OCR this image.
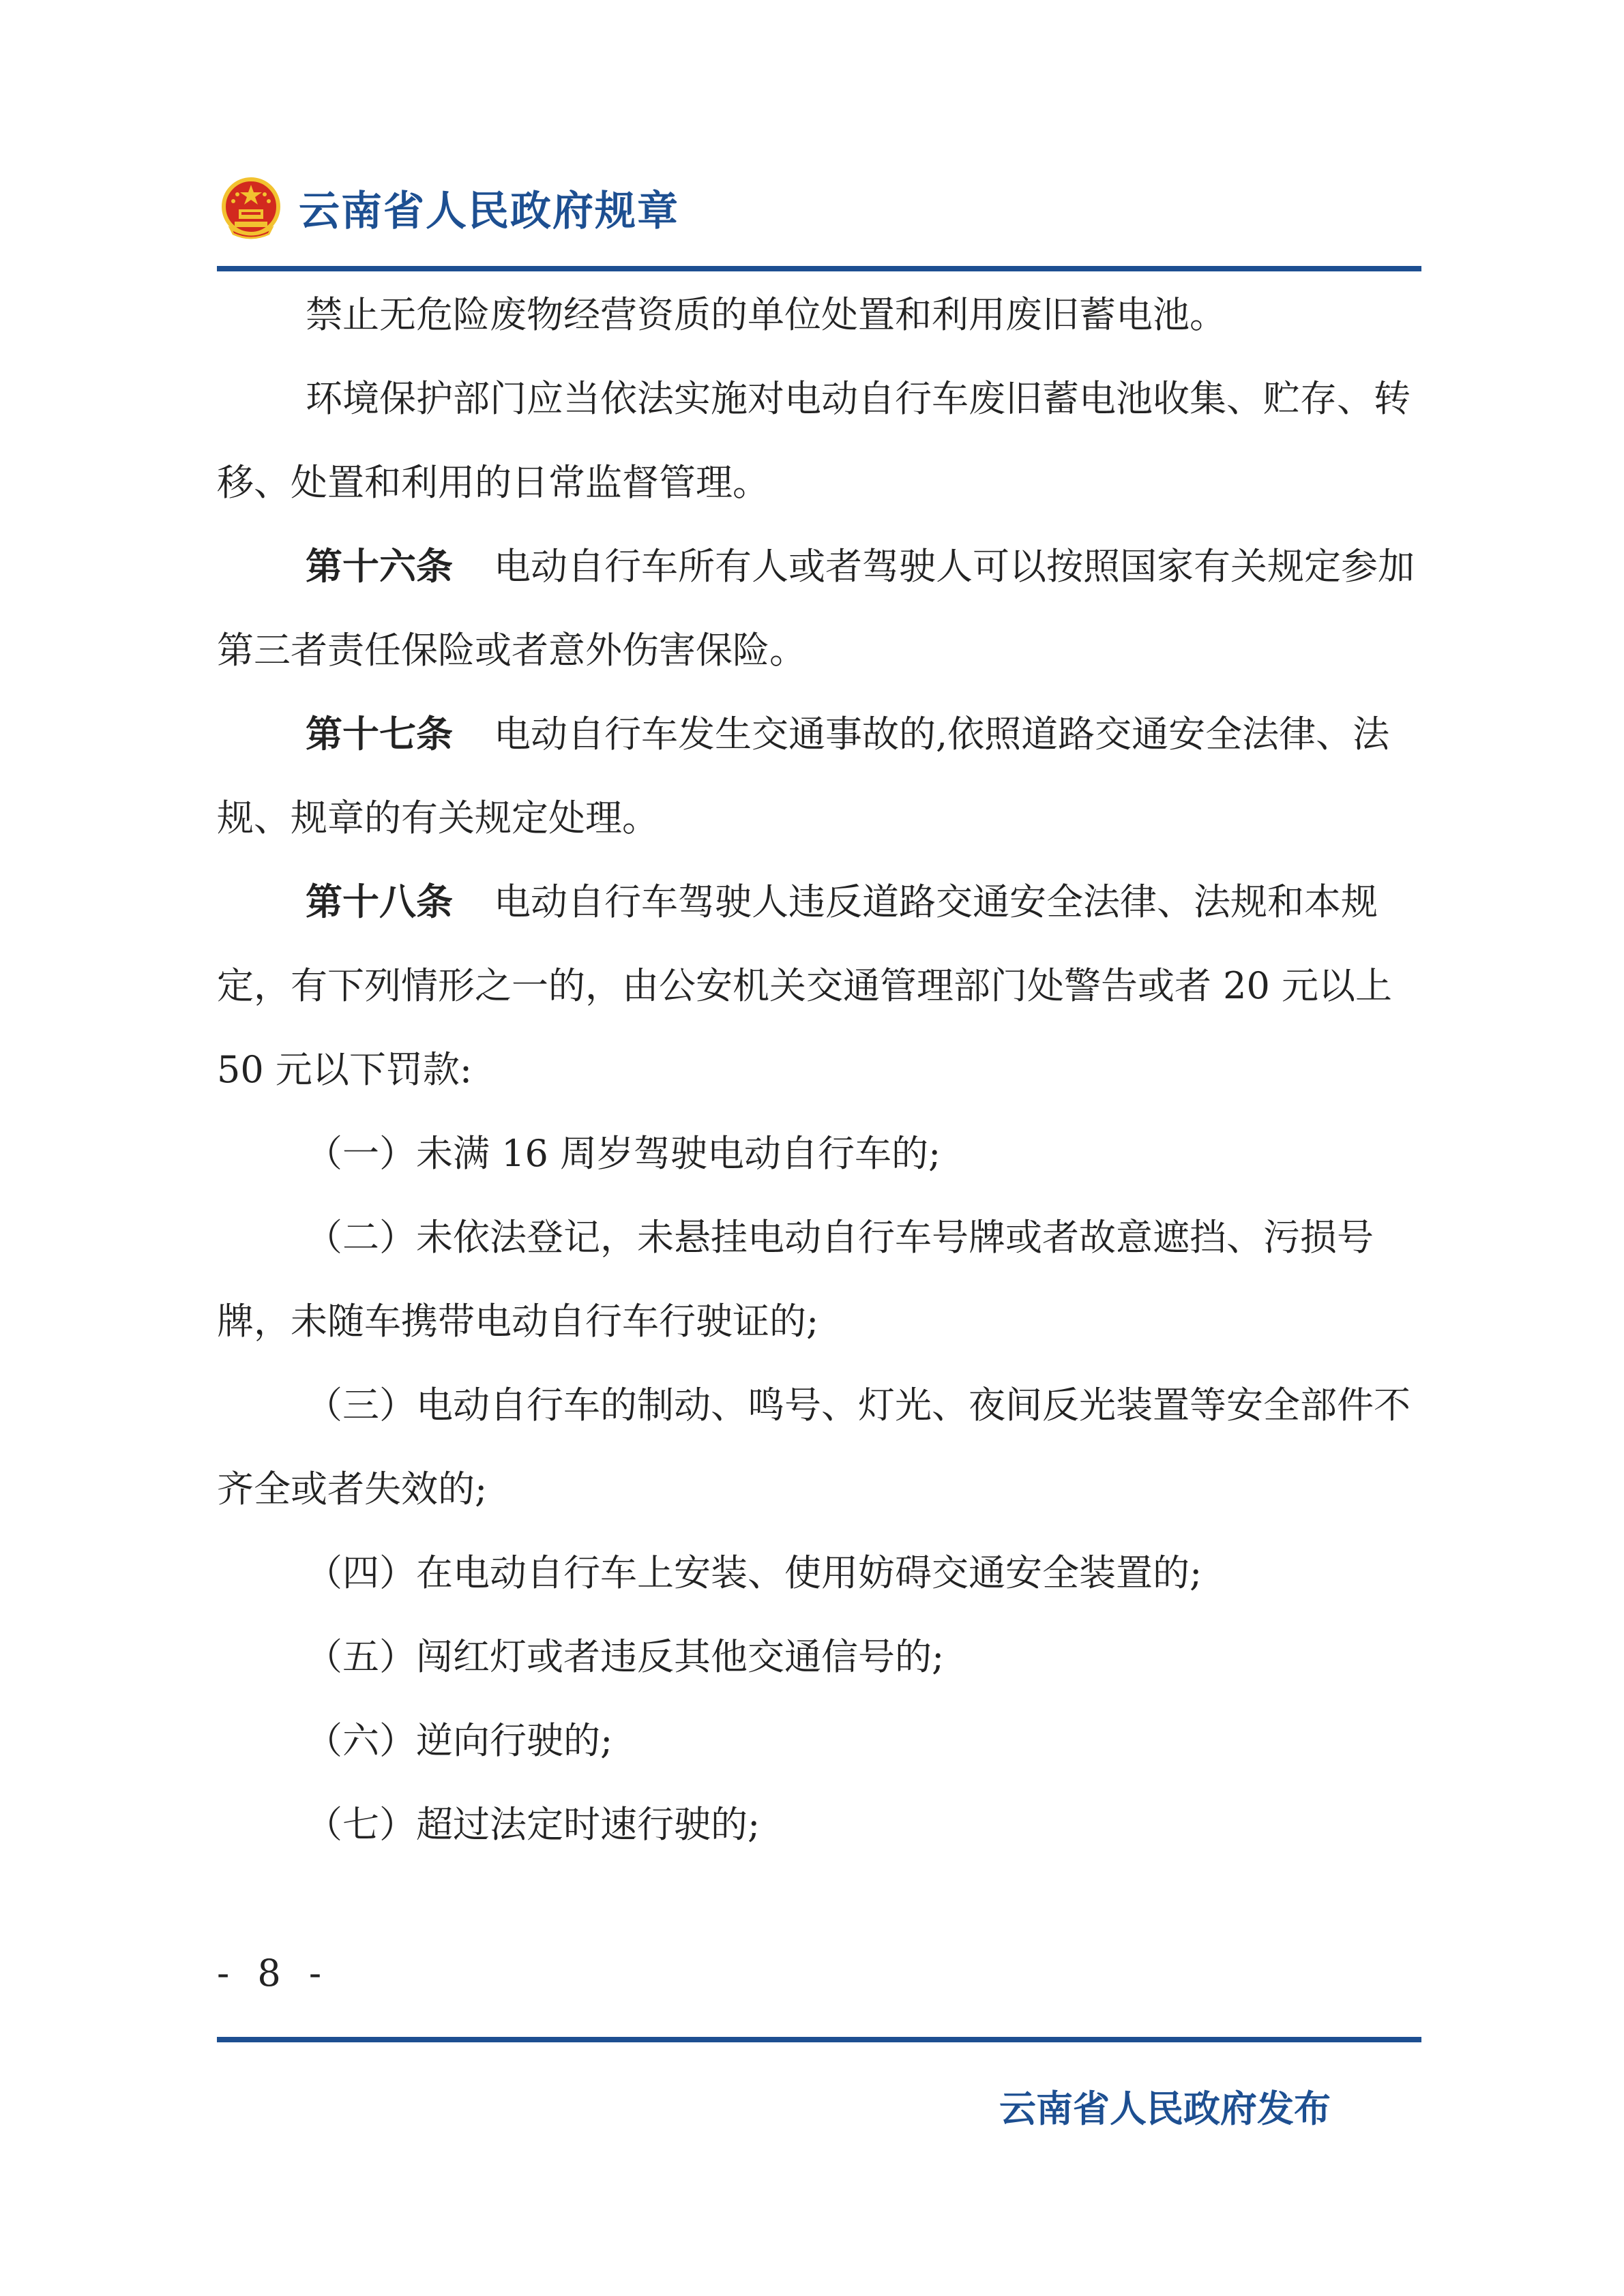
云南省人民政府规章

禁止无危险废物经营资质的单位处置和利用废旧蓄电池。

环境保护部门应当依法实施对电动自行车废旧蓄电池收集、贮存、转移、处置和利用的日常监督管理。

第十六条 电动自行车所有人或者驾驶人可以按照国家有关规定参加第三者责任保险或者意外伤害保险。

第十七条 电动自行车发生交通事故的,依照道路交通安全法律、法规、规章的有关规定处理。

第十八条 电动自行车驾驶人违反道路交通安全法律、法规和本规定，有下列情形之一的，由公安机关交通管理部门处警告或者 20 元以上 50 元以下罚款:

（一）未满 16 周岁驾驶电动自行车的;

（二）未依法登记，未悬挂电动自行车号牌或者故意遮挡、污损号牌，未随车携带电动自行车行驶证的;

（三）电动自行车的制动、鸣号、灯光、夜间反光装置等安全部件不齐全或者失效的;

（四）在电动自行车上安装、使用妨碍交通安全装置的;

（五）闯红灯或者违反其他交通信号的;

（六）逆向行驶的;

（七）超过法定时速行驶的;

- 8 -
云南省人民政府发布
